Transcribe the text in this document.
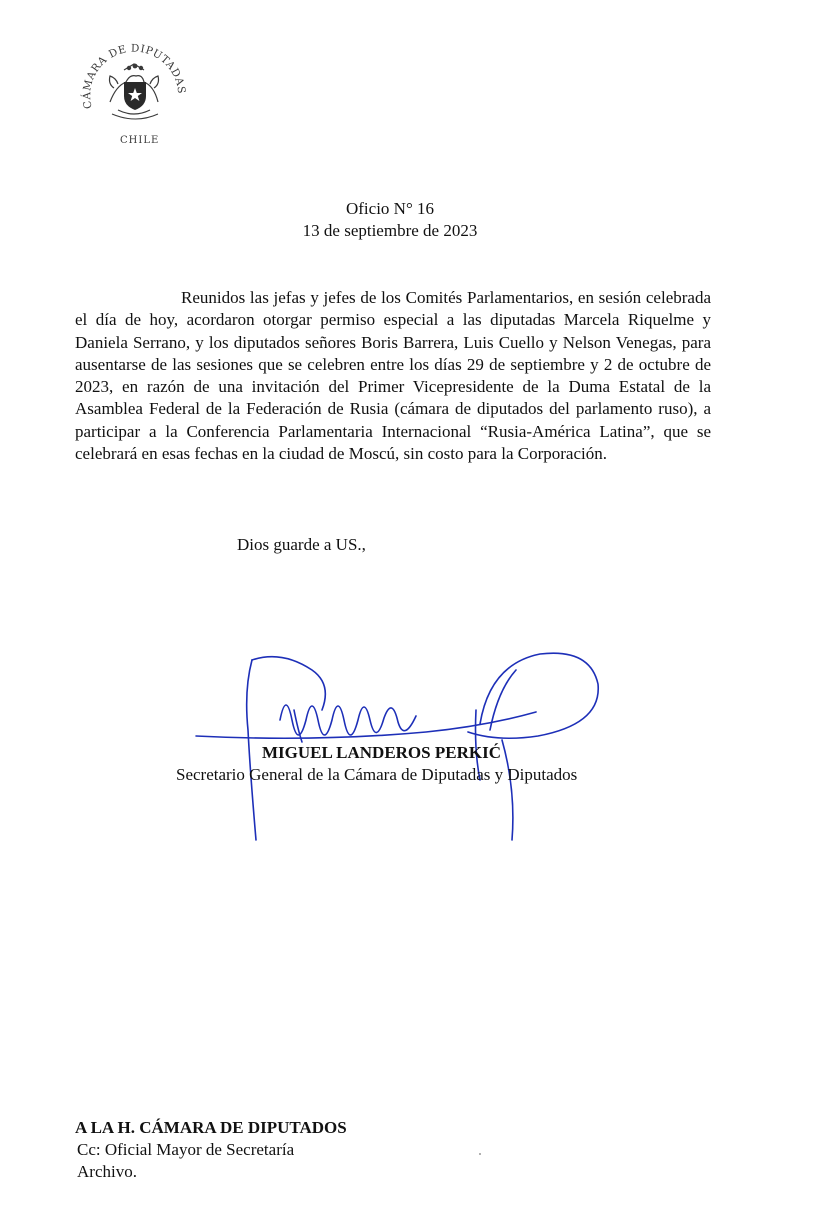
CÁMARA DE DIPUTADAS
CHILE
Oficio N° 16
13 de septiembre de 2023

Reunidos las jefas y jefes de los Comités Parlamentarios, en sesión celebrada el día de hoy, acordaron otorgar permiso especial a las diputadas Marcela Riquelme y Daniela Serrano, y los diputados señores Boris Barrera, Luis Cuello y Nelson Venegas, para ausentarse de las sesiones que se celebren entre los días 29 de septiembre y 2 de octubre de 2023, en razón de una invitación del Primer Vicepresidente de la Duma Estatal de la Asamblea Federal de la Federación de Rusia (cámara de diputados del parlamento ruso), a participar a la Conferencia Parlamentaria Internacional “Rusia-América Latina”, que se celebrará en esas fechas en la ciudad de Moscú, sin costo para la Corporación.

Dios guarde a US.,
MIGUEL LANDEROS PERKIĆ
Secretario General de la Cámara de Diputadas y Diputados
A LA H. CÁMARA DE DIPUTADOS
Cc: Oficial Mayor de Secretaría
Archivo.
